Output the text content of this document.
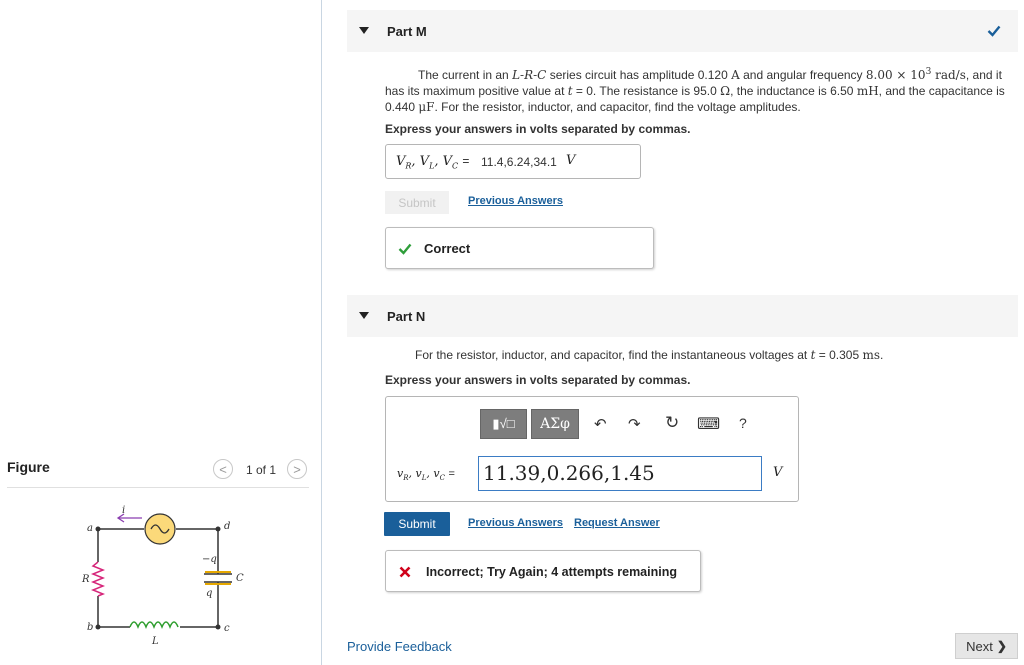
Figure	< 1 of 1 >
a
b	c
d
R
L
C
i
−q
q
Part M
The current in an L-R-C series circuit has amplitude 0.120 A and angular frequency $8.00 \times 10^3$ rad/s, and it has its maximum positive value at t = 0. The resistance is 95.0 Ω, the inductance is 6.50 mH, and the capacitance is 0.440 μF. For the resistor, inductor, and capacitor, find the voltage amplitudes.
Express your answers in volts separated by commas.
$V_R$, $V_L$, $V_C = 11.4,6.24,34.1$ V
Submit	Previous Answers
Correct
Part N
For the resistor, inductor, and capacitor, find the instantaneous voltages at t = 0.305 ms.
Express your answers in volts separated by commas.
▮√□ AΣφ ↶ ↷ ↻ ⌨ ?
$v_R$, $v_L$, $v_C = 11.39,0.266,1.45$	V
Submit	Previous Answers Request Answer
Incorrect; Try Again; 4 attempts remaining
Provide Feedback	Next ❯
